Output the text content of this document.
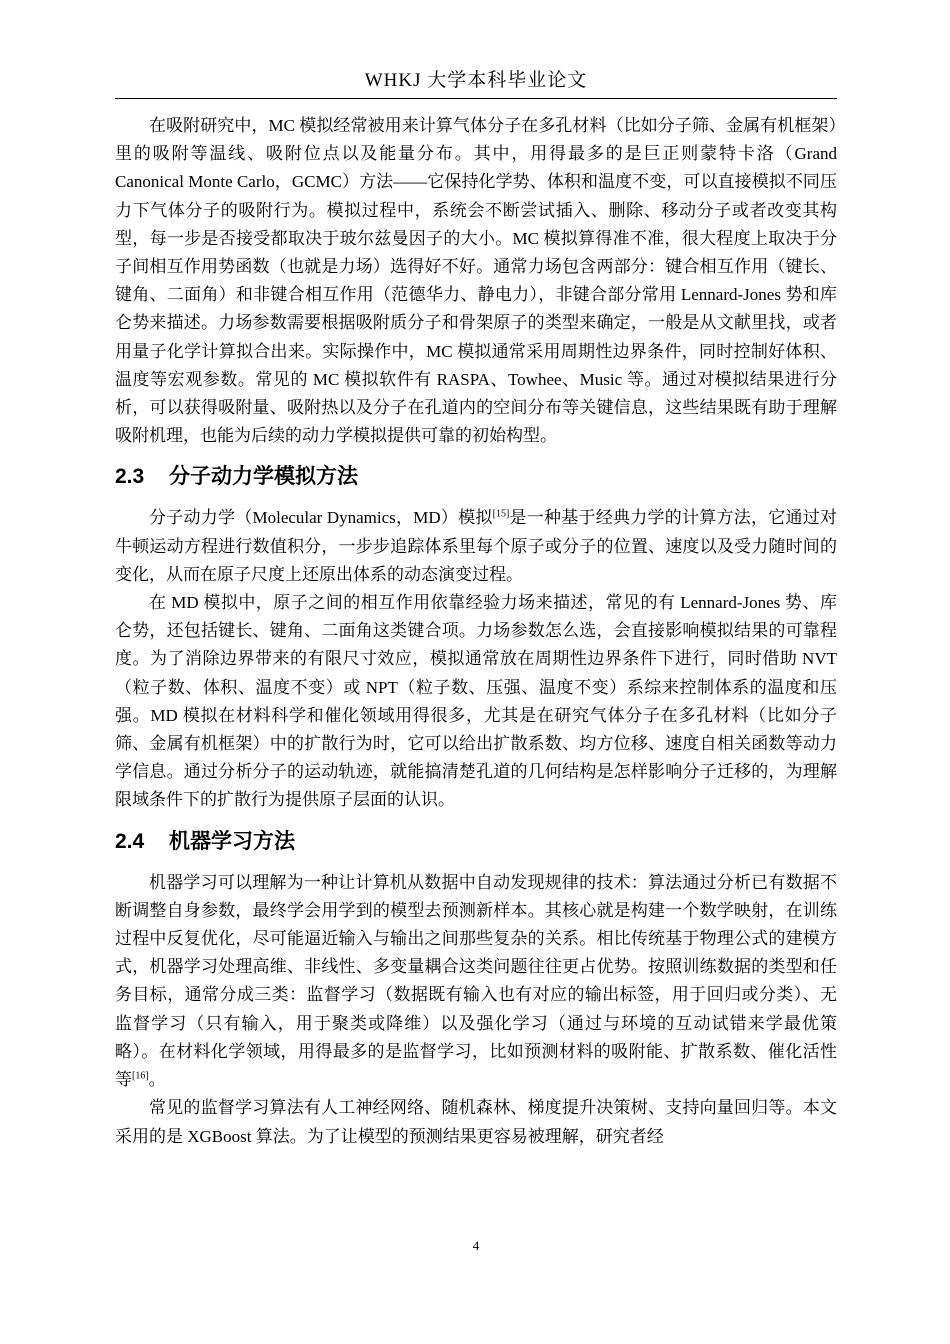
WHKJ 大学本科毕业论文

在吸附研究中，MC 模拟经常被用来计算气体分子在多孔材料（比如分子筛、金属有机框架）里的吸附等温线、吸附位点以及能量分布。其中，用得最多的是巨正则蒙特卡洛（Grand Canonical Monte Carlo，GCMC）方法——它保持化学势、体积和温度不变，可以直接模拟不同压力下气体分子的吸附行为。模拟过程中，系统会不断尝试插入、删除、移动分子或者改变其构型，每一步是否接受都取决于玻尔兹曼因子的大小。MC 模拟算得准不准，很大程度上取决于分子间相互作用势函数（也就是力场）选得好不好。通常力场包含两部分：键合相互作用（键长、键角、二面角）和非键合相互作用（范德华力、静电力），非键合部分常用 Lennard-Jones 势和库仑势来描述。力场参数需要根据吸附质分子和骨架原子的类型来确定，一般是从文献里找，或者用量子化学计算拟合出来。实际操作中，MC 模拟通常采用周期性边界条件，同时控制好体积、温度等宏观参数。常见的 MC 模拟软件有 RASPA、Towhee、Music 等。通过对模拟结果进行分析，可以获得吸附量、吸附热以及分子在孔道内的空间分布等关键信息，这些结果既有助于理解吸附机理，也能为后续的动力学模拟提供可靠的初始构型。

2.3 分子动力学模拟方法

分子动力学（Molecular Dynamics，MD）模拟[15]是一种基于经典力学的计算方法，它通过对牛顿运动方程进行数值积分，一步步追踪体系里每个原子或分子的位置、速度以及受力随时间的变化，从而在原子尺度上还原出体系的动态演变过程。

在 MD 模拟中，原子之间的相互作用依靠经验力场来描述，常见的有 Lennard-Jones 势、库仑势，还包括键长、键角、二面角这类键合项。力场参数怎么选，会直接影响模拟结果的可靠程度。为了消除边界带来的有限尺寸效应，模拟通常放在周期性边界条件下进行，同时借助 NVT（粒子数、体积、温度不变）或 NPT（粒子数、压强、温度不变）系综来控制体系的温度和压强。MD 模拟在材料科学和催化领域用得很多，尤其是在研究气体分子在多孔材料（比如分子筛、金属有机框架）中的扩散行为时，它可以给出扩散系数、均方位移、速度自相关函数等动力学信息。通过分析分子的运动轨迹，就能搞清楚孔道的几何结构是怎样影响分子迁移的，为理解限域条件下的扩散行为提供原子层面的认识。

2.4 机器学习方法

机器学习可以理解为一种让计算机从数据中自动发现规律的技术：算法通过分析已有数据不断调整自身参数，最终学会用学到的模型去预测新样本。其核心就是构建一个数学映射，在训练过程中反复优化，尽可能逼近输入与输出之间那些复杂的关系。相比传统基于物理公式的建模方式，机器学习处理高维、非线性、多变量耦合这类问题往往更占优势。按照训练数据的类型和任务目标，通常分成三类：监督学习（数据既有输入也有对应的输出标签，用于回归或分类）、无监督学习（只有输入，用于聚类或降维）以及强化学习（通过与环境的互动试错来学最优策略）。在材料化学领域，用得最多的是监督学习，比如预测材料的吸附能、扩散系数、催化活性等[16]。

常见的监督学习算法有人工神经网络、随机森林、梯度提升决策树、支持向量回归等。本文采用的是 XGBoost 算法。为了让模型的预测结果更容易被理解，研究者经

4
